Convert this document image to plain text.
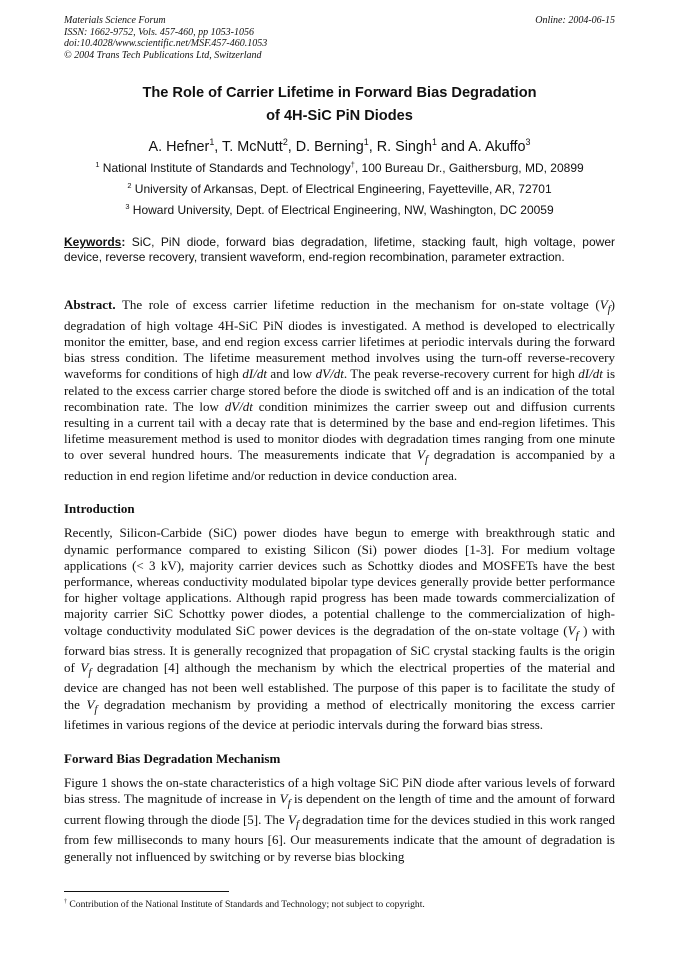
Materials Science Forum	Online: 2004-06-15
ISSN: 1662-9752, Vols. 457-460, pp 1053-1056
doi:10.4028/www.scientific.net/MSF.457-460.1053
© 2004 Trans Tech Publications Ltd, Switzerland
The Role of Carrier Lifetime in Forward Bias Degradation
of 4H-SiC PiN Diodes
A. Hefner$^1$, T. McNutt$^2$, D. Berning$^1$, R. Singh$^1$ and A. Akuffo$^3$
$^1$ National Institute of Standards and Technology†, 100 Bureau Dr., Gaithersburg, MD, 20899
$^2$ University of Arkansas, Dept. of Electrical Engineering, Fayetteville, AR, 72701
$^3$ Howard University, Dept. of Electrical Engineering, NW, Washington, DC 20059
Keywords: SiC, PiN diode, forward bias degradation, lifetime, stacking fault, high voltage, power device, reverse recovery, transient waveform, end-region recombination, parameter extraction.
Abstract. The role of excess carrier lifetime reduction in the mechanism for on-state voltage $(V_f)$ degradation of high voltage 4H-SiC PiN diodes is investigated. A method is developed to electrically monitor the emitter, base, and end region excess carrier lifetimes at periodic intervals during the forward bias stress condition. The lifetime measurement method involves using the turn-off reverse-recovery waveforms for conditions of high dI/dt and low dV/dt. The peak reverse-recovery current for high dI/dt is related to the excess carrier charge stored before the diode is switched off and is an indication of the total recombination rate. The low dV/dt condition minimizes the carrier sweep out and diffusion currents resulting in a current tail with a decay rate that is determined by the base and end-region lifetimes. This lifetime measurement method is used to monitor diodes with degradation times ranging from one minute to over several hundred hours. The measurements indicate that $V_f$ degradation is accompanied by a reduction in end region lifetime and/or reduction in device conduction area.
Introduction
Recently, Silicon-Carbide (SiC) power diodes have begun to emerge with breakthrough static and dynamic performance compared to existing Silicon (Si) power diodes [1-3]. For medium voltage applications (< 3 kV), majority carrier devices such as Schottky diodes and MOSFETs have the best performance, whereas conductivity modulated bipolar type devices generally provide better performance for higher voltage applications. Although rapid progress has been made towards commercialization of majority carrier SiC Schottky power diodes, a potential challenge to the commercialization of high-voltage conductivity modulated SiC power devices is the degradation of the on-state voltage ($V_f$ ) with forward bias stress. It is generally recognized that propagation of SiC crystal stacking faults is the origin of $V_f$ degradation [4] although the mechanism by which the electrical properties of the material and device are changed has not been well established. The purpose of this paper is to facilitate the study of the $V_f$ degradation mechanism by providing a method of electrically monitoring the excess carrier lifetimes in various regions of the device at periodic intervals during the forward bias stress.
Forward Bias Degradation Mechanism
Figure 1 shows the on-state characteristics of a high voltage SiC PiN diode after various levels of forward bias stress. The magnitude of increase in $V_f$ is dependent on the length of time and the amount of forward current flowing through the diode [5]. The $V_f$ degradation time for the devices studied in this work ranged from few milliseconds to many hours [6]. Our measurements indicate that the amount of degradation is generally not influenced by switching or by reverse bias blocking
† Contribution of the National Institute of Standards and Technology; not subject to copyright.
